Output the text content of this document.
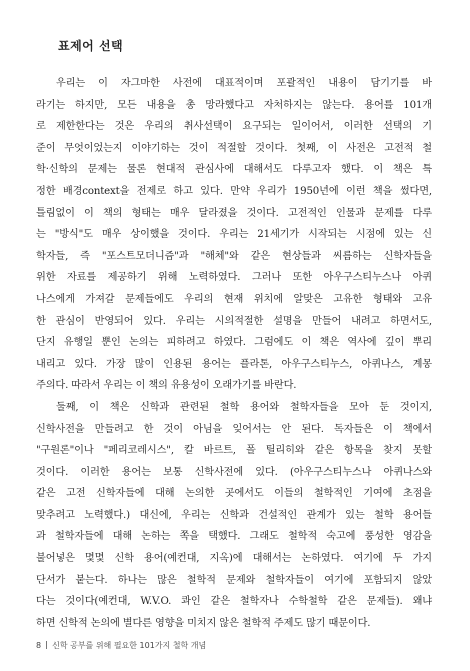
표제어 선택
우리는 이 자그마한 사전에 대표적이며 포괄적인 내용이 담기기를 바
라기는 하지만, 모든 내용을 총 망라했다고 자처하지는 않는다. 용어를 101개
로 제한한다는 것은 우리의 취사선택이 요구되는 일이어서, 이러한 선택의 기
준이 무엇이었는지 이야기하는 것이 적절할 것이다. 첫째, 이 사전은 고전적 철
학·신학의 문제는 물론 현대적 관심사에 대해서도 다루고자 했다. 이 책은 특
정한 배경context을 전제로 하고 있다. 만약 우리가 1950년에 이런 책을 썼다면,
틀림없이 이 책의 형태는 매우 달라졌을 것이다. 고전적인 인물과 문제를 다루
는 "방식"도 매우 상이했을 것이다. 우리는 21세기가 시작되는 시점에 있는 신
학자들, 즉 "포스트모더니즘"과 "해체"와 같은 현상들과 씨름하는 신학자들을
위한 자료를 제공하기 위해 노력하였다. 그러나 또한 아우구스티누스나 아퀴
나스에게 가져갈 문제들에도 우리의 현재 위치에 알맞은 고유한 형태와 고유
한 관심이 반영되어 있다. 우리는 시의적절한 설명을 만들어 내려고 하면서도,
단지 유행일 뿐인 논의는 피하려고 하였다. 그럼에도 이 책은 역사에 깊이 뿌리
내리고 있다. 가장 많이 인용된 용어는 플라톤, 아우구스티누스, 아퀴나스, 계몽
주의다. 따라서 우리는 이 책의 유용성이 오래가기를 바란다.
둘째, 이 책은 신학과 관련된 철학 용어와 철학자들을 모아 둔 것이지,
신학사전을 만들려고 한 것이 아님을 잊어서는 안 된다. 독자들은 이 책에서
"구원론"이나 "페리코레시스", 칼 바르트, 폴 틸리히와 같은 항목을 찾지 못할
것이다. 이러한 용어는 보통 신학사전에 있다. (아우구스티누스나 아퀴나스와
같은 고전 신학자들에 대해 논의한 곳에서도 이들의 철학적인 기여에 초점을
맞추려고 노력했다.) 대신에, 우리는 신학과 건설적인 관계가 있는 철학 용어들
과 철학자들에 대해 논하는 쪽을 택했다. 그래도 철학적 숙고에 풍성한 영감을
불어넣은 몇몇 신학 용어(예컨대, 지옥)에 대해서는 논하였다. 여기에 두 가지
단서가 붙는다. 하나는 많은 철학적 문제와 철학자들이 여기에 포함되지 않았
다는 것이다(예컨대, W.V.O. 콰인 같은 철학자나 수학철학 같은 문제들). 왜냐
하면 신학적 논의에 별다른 영향을 미치지 않은 철학적 주제도 많기 때문이다.
8 신학 공부를 위해 필요한 101가지 철학 개념
